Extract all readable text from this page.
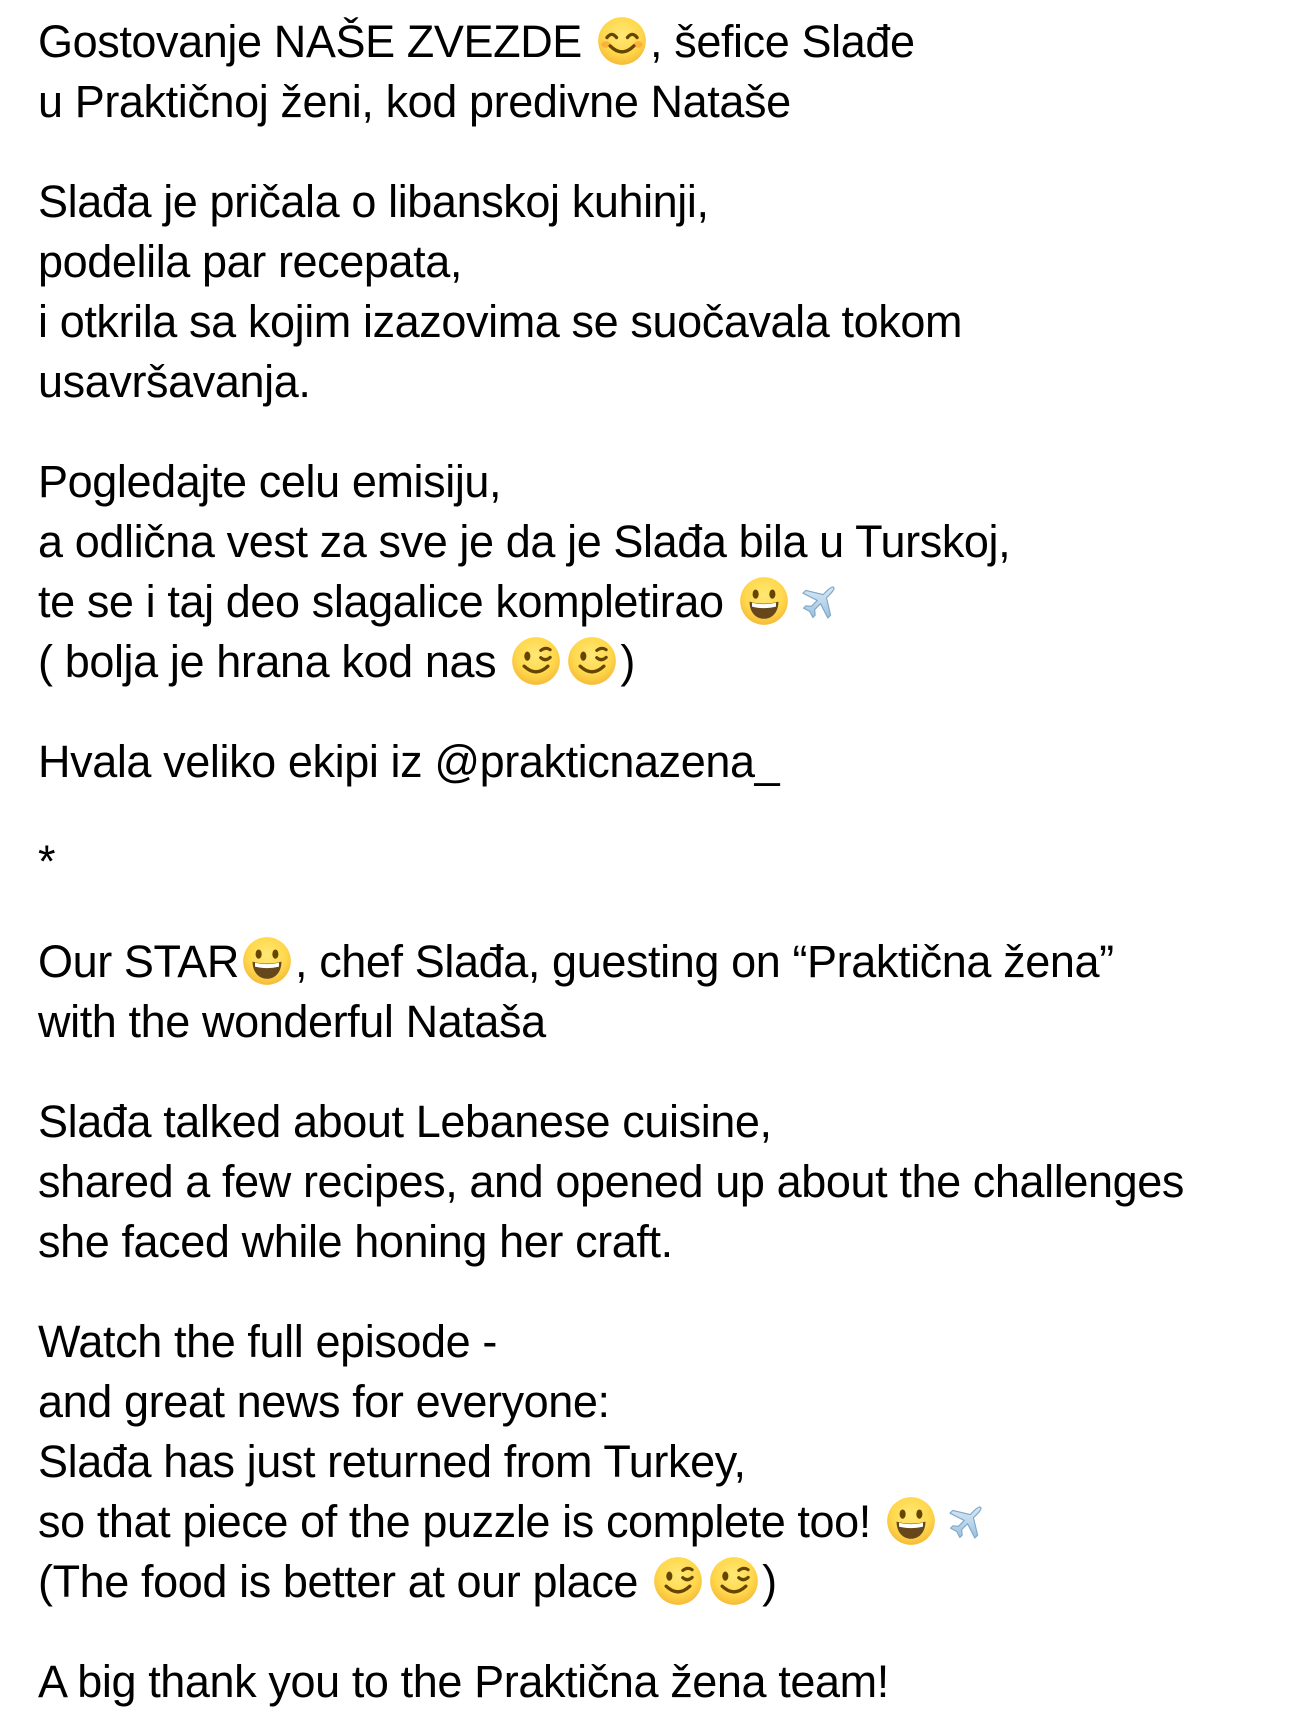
Gostovanje NAŠE ZVEZDE , šefice Slađe
u Praktičnoj ženi, kod predivne Nataše
Slađa je pričala o libanskoj kuhinji,
podelila par recepata,
i otkrila sa kojim izazovima se suočavala tokom
usavršavanja.
Pogledajte celu emisiju,
a odlična vest za sve je da je Slađa bila u Turskoj,
te se i taj deo slagalice kompletirao
( bolja je hrana kod nas )
Hvala veliko ekipi iz @prakticnazena_
*
Our STAR , chef Slađa, guesting on “Praktična žena”
with the wonderful Nataša
Slađa talked about Lebanese cuisine,
shared a few recipes, and opened up about the challenges
she faced while honing her craft.
Watch the full episode -
and great news for everyone:
Slađa has just returned from Turkey,
so that piece of the puzzle is complete too!
(The food is better at our place )
A big thank you to the Praktična žena team!
